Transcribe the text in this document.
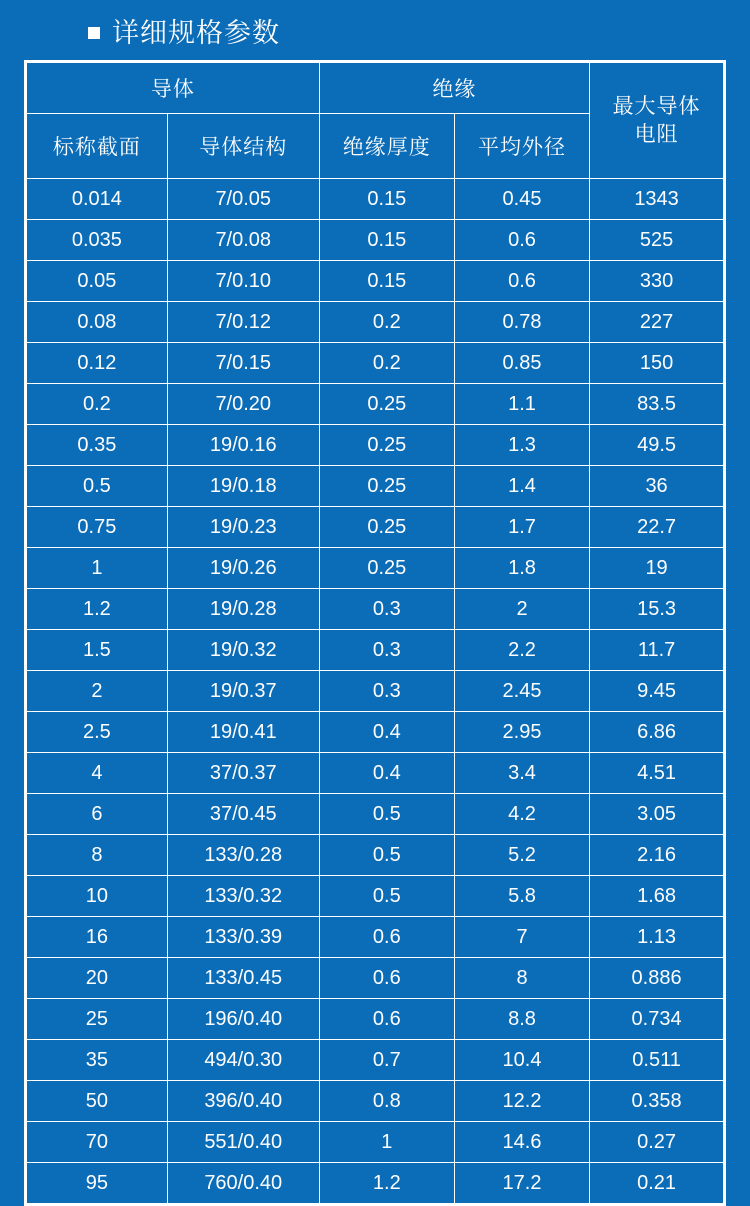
详细规格参数
导体		绝缘		最大导体
电阻

标称截面	导体结构	绝缘厚度	平均外径	
0.014	7/0.05	0.15	0.45	1343
0.035	7/0.08	0.15	0.6	525
0.05	7/0.10	0.15	0.6	330
0.08	7/0.12	0.2	0.78	227
0.12	7/0.15	0.2	0.85	150
0.2	7/0.20	0.25	1.1	83.5
0.35	19/0.16	0.25	1.3	49.5
0.5	19/0.18	0.25	1.4	36
0.75	19/0.23	0.25	1.7	22.7
1	19/0.26	0.25	1.8	19
1.2	19/0.28	0.3	2	15.3
1.5	19/0.32	0.3	2.2	11.7
2	19/0.37	0.3	2.45	9.45
2.5	19/0.41	0.4	2.95	6.86
4	37/0.37	0.4	3.4	4.51
6	37/0.45	0.5	4.2	3.05
8	133/0.28	0.5	5.2	2.16
10	133/0.32	0.5	5.8	1.68
16	133/0.39	0.6	7	1.13
20	133/0.45	0.6	8	0.886
25	196/0.40	0.6	8.8	0.734
35	494/0.30	0.7	10.4	0.511
50	396/0.40	0.8	12.2	0.358
70	551/0.40	1	14.6	0.27
95	760/0.40	1.2	17.2	0.21
